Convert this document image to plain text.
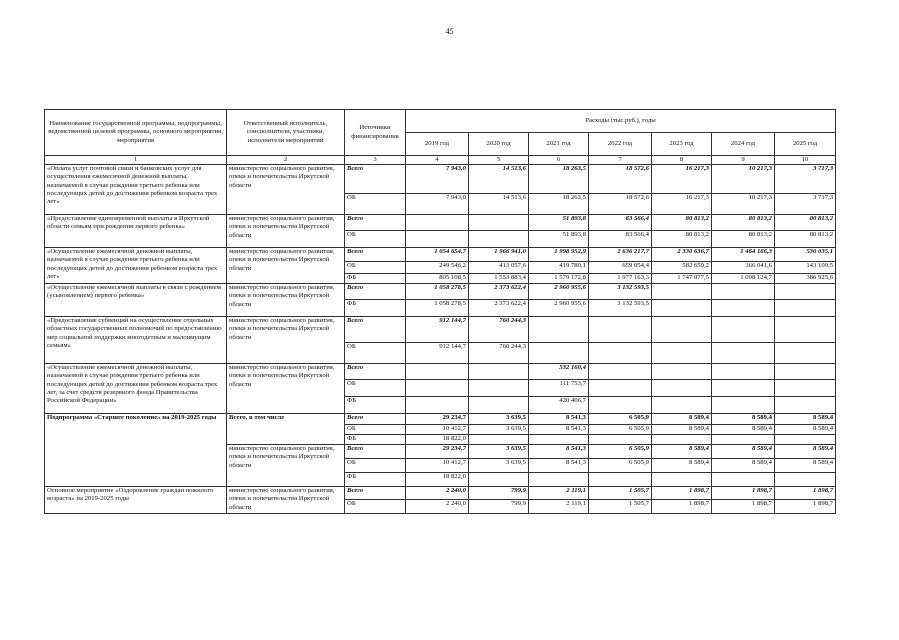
45
Наименование государственной программы, подпрограммы, ведомственной целевой программы, основного мероприятия, мероприятия	Ответственный исполнитель, соисполнители, участники, исполнители мероприятий	Источники финансирования	Расходы (тыс.руб.), годы						
			2019 год	2020 год	2021 год	2022 год	2023 год	2024 год	2025 год
1	2	3	4	5	6	7	8	9	10
«Оплата услуг почтовой связи и банковских услуг для осуществления ежемесячной денежной выплаты, назначаемой в случае рождения третьего ребенка или последующих детей до достижения ребенком возраста трех лет»	министерство социального развития, опеки и попечительства Иркутской области	Всего	7 943,0	14 513,6	18 263,5	18 572,6	16 217,3	10 217,3	3 717,3
		ОБ	7 943,0	14 513,6	18 263,5	18 572,6	16 217,3	10 217,3	3 717,3
«Предоставление единовременной выплаты в Иркутской области семьям при рождении первого ребенка»	министерство социального развития, опеки и попечительства Иркутской области	Всего			51 893,8	83 566,4	80 813,2	80 813,2	80 813,2
		ОБ			51 893,8	83 566,4	80 813,2	80 813,2	80 813,2
«Осуществление ежемесячной денежной выплаты, назначаемой в случае рождения третьего ребенка или последующих детей до достижения ребенком возраста трех лет»	министерство социального развития, опеки и попечительства Иркутской области	Всего	1 054 654,7	1 966 941,0	1 998 952,9	2 636 217,7	2 330 636,7	1 464 166,3	530 035,1
		ОБ	249 546,2	413 057,6	419 780,1	659 054,4	582 659,2	366 041,6	143 109,5
		ФБ	805 108,5	1 553 883,4	1 579 172,8	1 977 163,3	1 747 977,5	1 098 124,7	386 925,6
«Осуществление ежемесячной выплаты в связи с рождением (усыновлением) первого ребенка»	министерство социального развития, опеки и попечительства Иркутской области	Всего	1 058 278,5	2 373 622,4	2 960 955,6	3 132 593,5			
		ФБ	1 058 278,5	2 373 622,4	2 960 955,6	3 132 593,5			
«Предоставление субвенций на осуществление отдельных областных государственных полномочий по предоставлению мер социальной поддержки многодетным и малоимущим семьям»	министерство социального развития, опеки и попечительства Иркутской области	Всего	912 144,7	760 244,3					
		ОБ	912 144,7	760 244,3					
«Осуществление ежемесячной денежной выплаты, назначаемой в случае рождения третьего ребенка или последующих детей до достижения ребенком возраста трех лет, за счет средств резервного фонда Правительства Российской Федерации»	министерство социального развития, опеки и попечительства Иркутской области	Всего			532 160,4				
		ОБ			111 753,7				
		ФБ			420 406,7				
Подпрограмма «Старшее поколение» на 2019-2025 годы	Всего, в том числе	Всего	29 234,7	3 639,5	8 541,3	6 505,9	8 589,4	8 589,4	8 589,4
		ОБ	10 412,7	3 639,5	8 541,3	6 505,9	8 589,4	8 589,4	8 589,4
		ФБ	18 822,0						
	министерство социального развития, опеки и попечительства Иркутской области	Всего	29 234,7	3 639,5	8 541,3	6 505,9	8 589,4	8 589,4	8 589,4
		ОБ	10 412,7	3 639,5	8 541,3	6 505,9	8 589,4	8 589,4	8 589,4
		ФБ	18 822,0						
Основное мероприятие «Оздоровление граждан пожилого возраста» на 2019-2025 годы	министерство социального развития, опеки и попечительства Иркутской области	Всего	2 240,0	799,9	2 119,1	1 505,7	1 898,7	1 898,7	1 898,7
		ОБ	2 240,0	799,9	2 119,1	1 505,7	1 898,7	1 898,7	1 898,7
